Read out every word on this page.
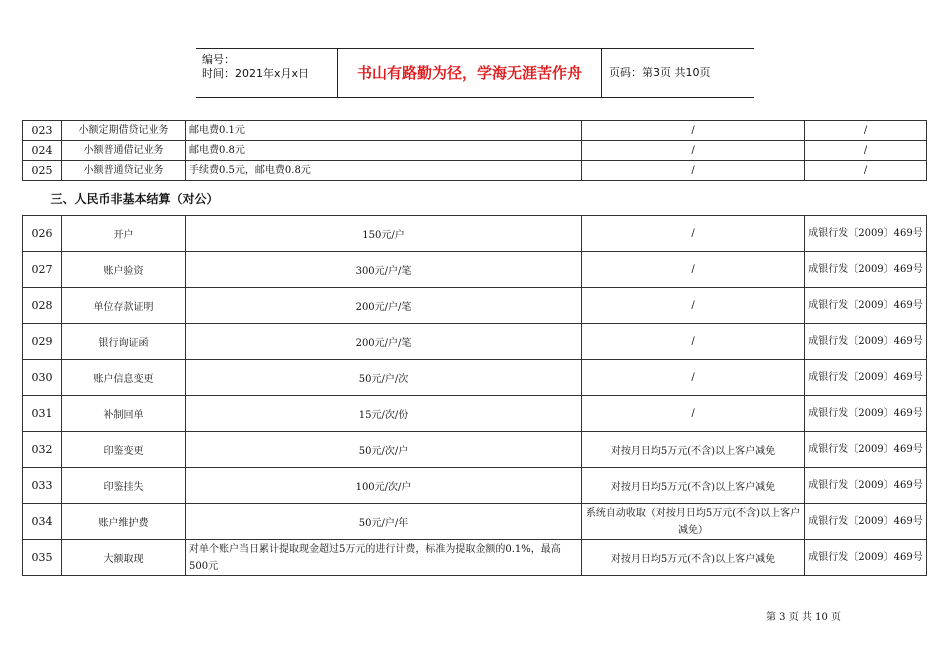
编号：
时间：2021年x月x日	书山有路勤为径，学海无涯苦作舟	页码：第3页 共10页
023	小额定期借贷记业务	邮电费0.1元	/	/
024	小额普通借记业务	邮电费0.8元	/	/
025	小额普通贷记业务	手续费0.5元，邮电费0.8元	/	/
三、人民币非基本结算（对公）				
026	开户	150元/户	/	成银行发〔2009〕469号
027	账户验资	300元/户/笔	/	成银行发〔2009〕469号
028	单位存款证明	200元/户/笔	/	成银行发〔2009〕469号
029	银行询证函	200元/户/笔	/	成银行发〔2009〕469号
030	账户信息变更	50元/户/次	/	成银行发〔2009〕469号
031	补制回单	15元/次/份	/	成银行发〔2009〕469号
032	印鉴变更	50元/次/户	对按月日均5万元(不含)以上客户减免	成银行发〔2009〕469号
033	印鉴挂失	100元/次/户	对按月日均5万元(不含)以上客户减免	成银行发〔2009〕469号
034	账户维护费	50元/户/年	系统自动收取（对按月日均5万元(不含)以上客户减免）	成银行发〔2009〕469号
035	大额取现	对单个账户当日累计提取现金超过5万元的进行计费，标准为提取金额的0.1%，最高500元	对按月日均5万元(不含)以上客户减免	成银行发〔2009〕469号
第 3 页 共 10 页
